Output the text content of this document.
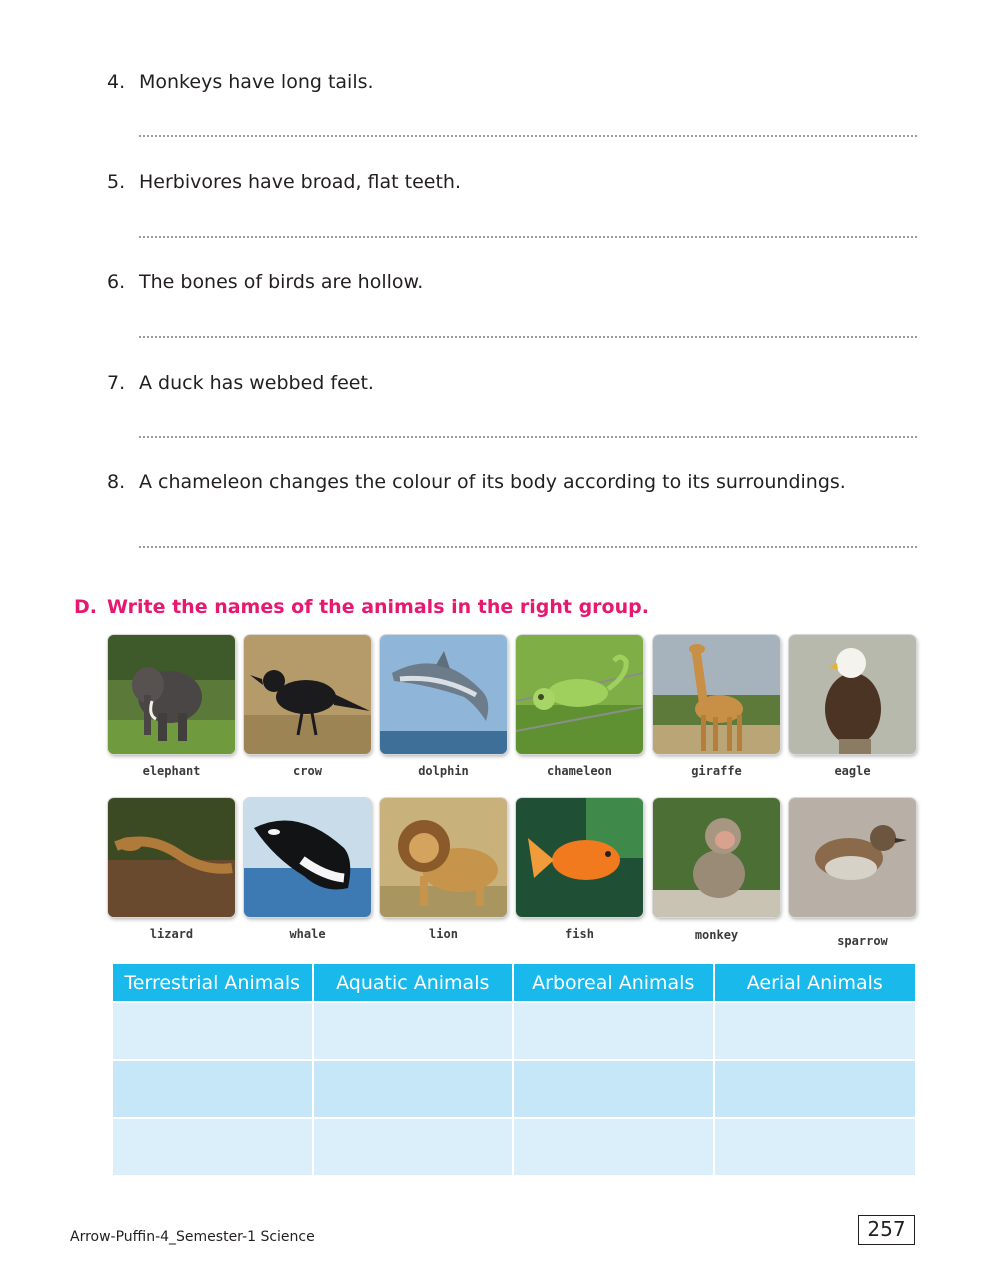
4. Monkeys have long tails.
5. Herbivores have broad, flat teeth.
6. The bones of birds are hollow.
7. A duck has webbed feet.
8. A chameleon changes the colour of its body according to its surroundings.
D. Write the names of the animals in the right group.
elephant	crow	dolphin	chameleon	giraffe	eagle
lizard	whale	lion	fish	monkey	sparrow
Terrestrial Animals	Aquatic Animals	Arboreal Animals	Aerial Animals

Arrow-Puffin-4_Semester-1 Science	257
